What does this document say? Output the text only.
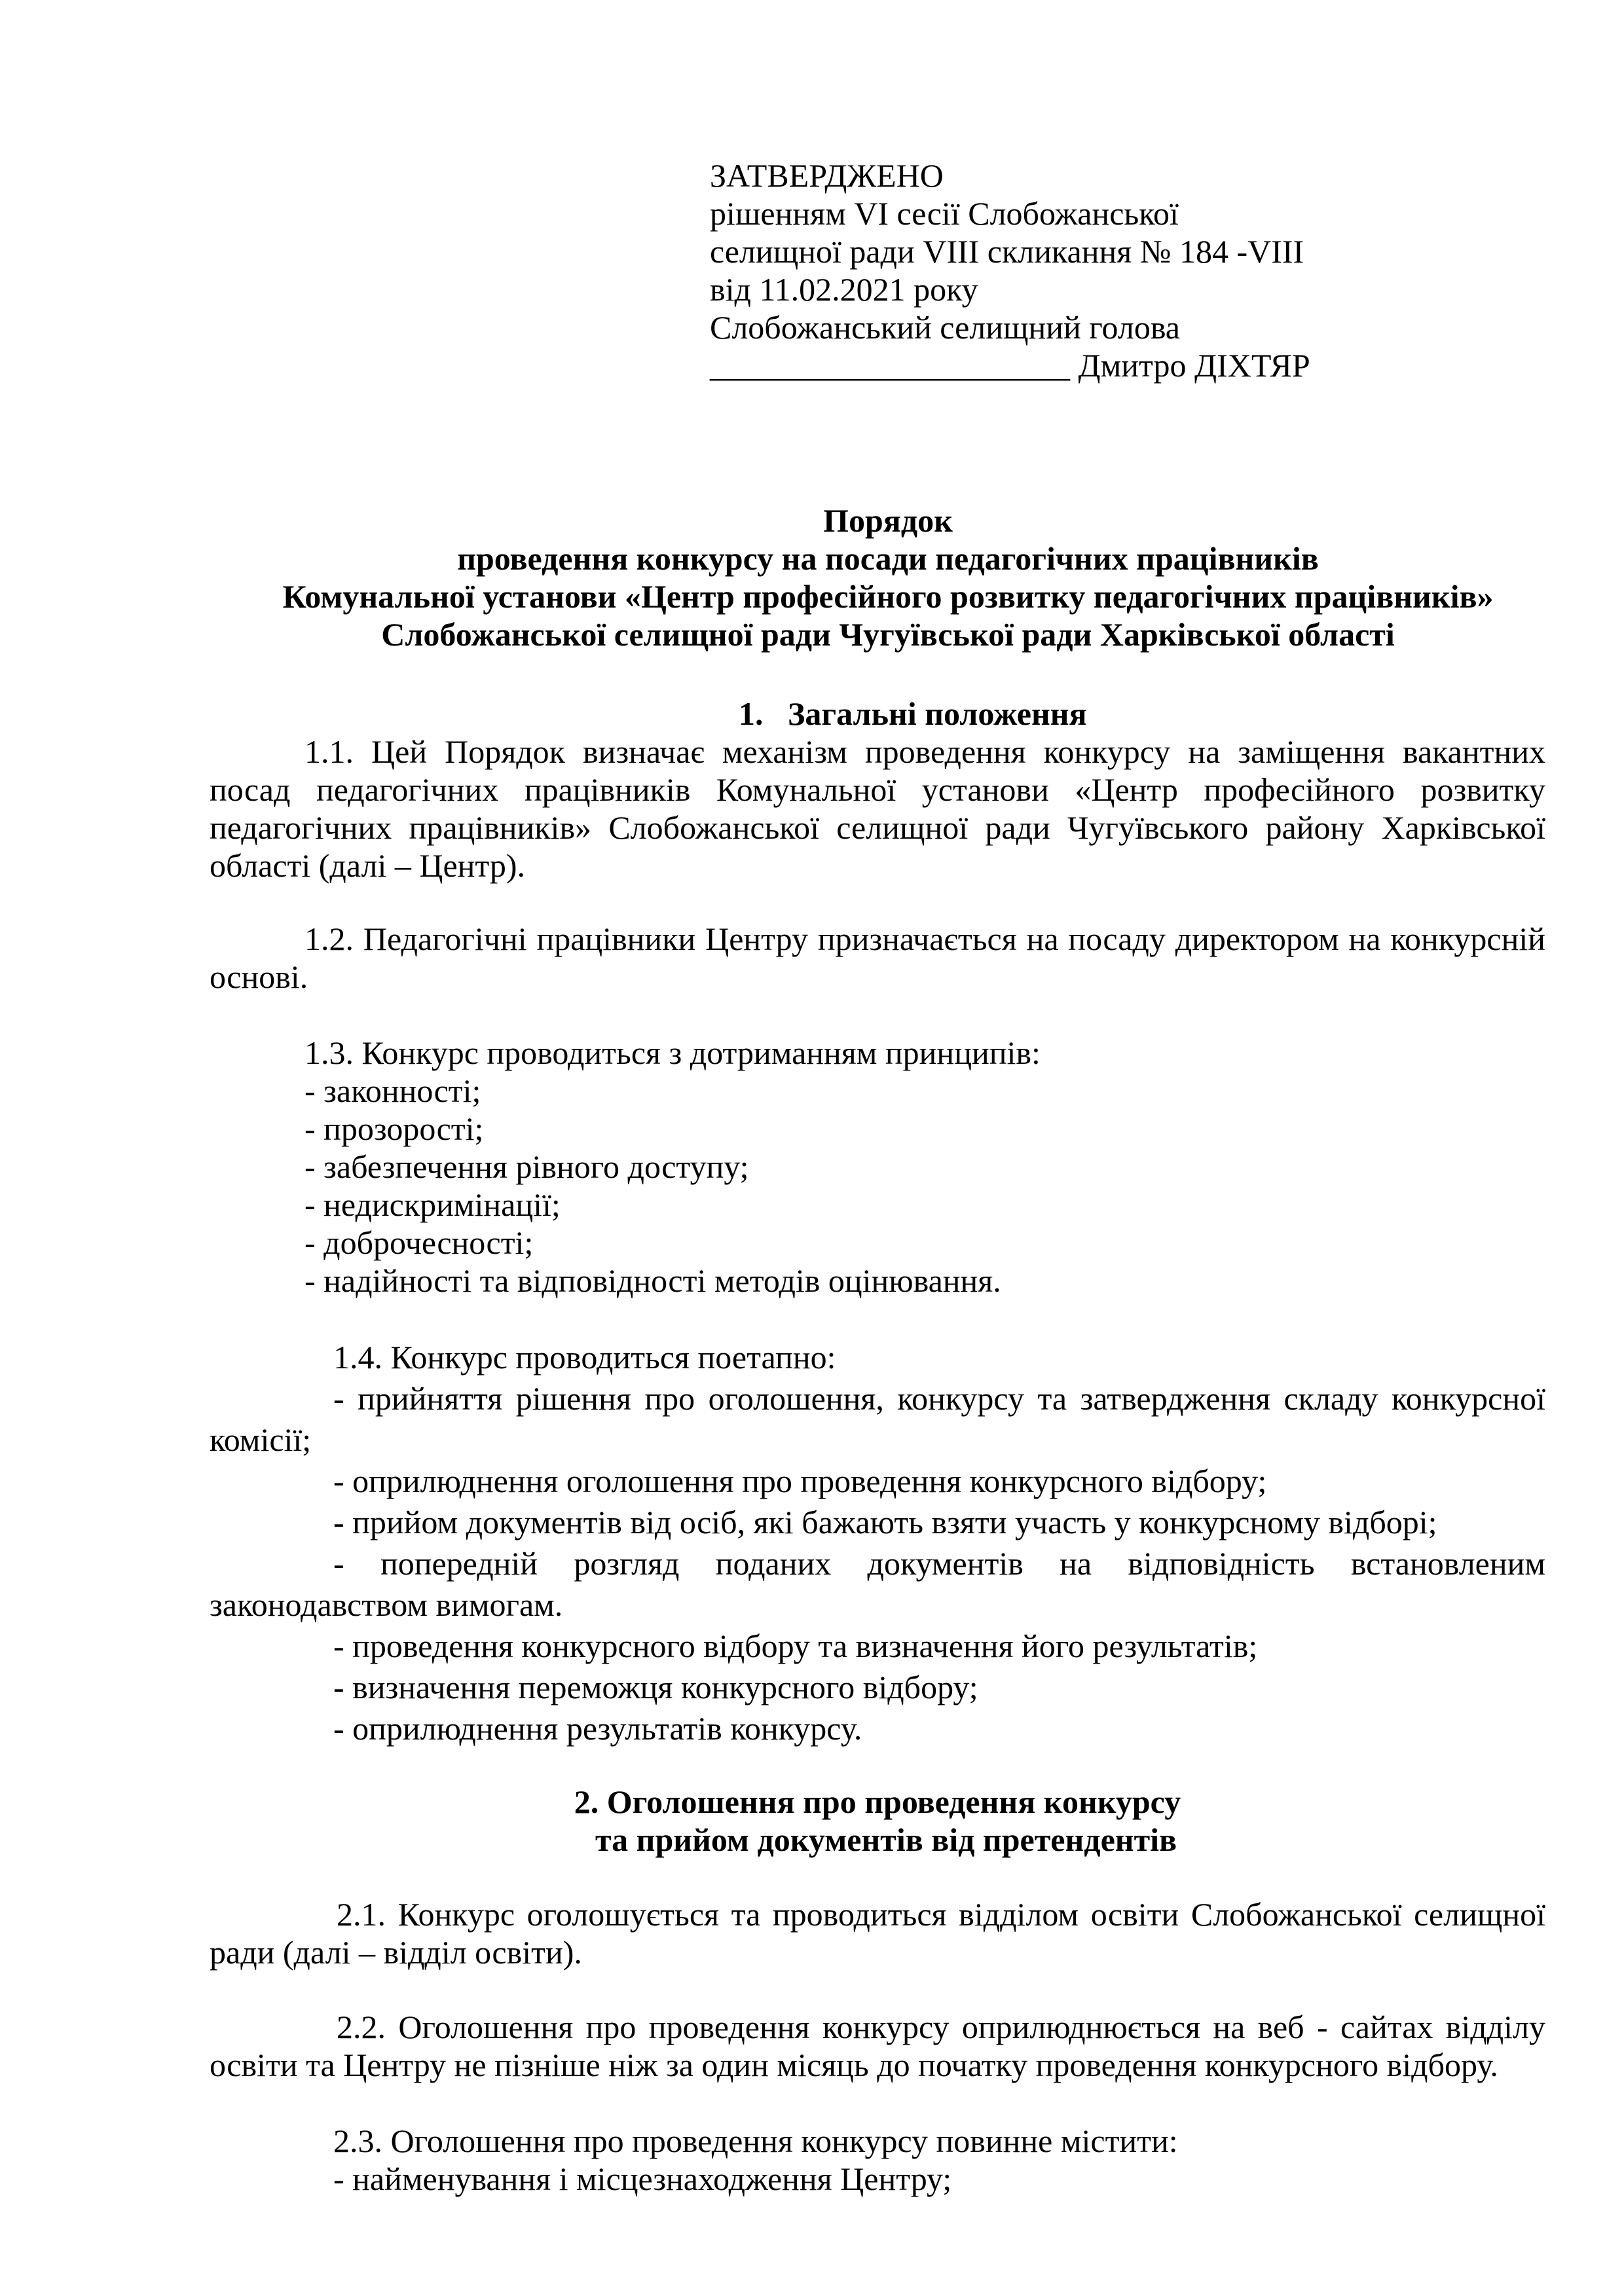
ЗАТВЕРДЖЕНО
рішенням VI сесії Слобожанської
селищної ради VIII скликання № 184 -VIII
від 11.02.2021 року
Слобожанський селищний голова
______________________ Дмитро ДІХТЯР
Порядок
проведення конкурсу на посади педагогічних працівників
Комунальної установи «Центр професійного розвитку педагогічних працівників»
Слобожанської селищної ради Чугуївської ради Харківської області
1.   Загальні положення

1.1. Цей Порядок визначає механізм проведення конкурсу на заміщення вакантних посад педагогічних працівників Комунальної установи «Центр професійного розвитку педагогічних працівників» Слобожанської селищної ради Чугуївського району Харківської області (далі – Центр).

1.2. Педагогічні працівники Центру призначається на посаду директором на конкурсній основі.

1.3. Конкурс проводиться з дотриманням принципів:

- законності;

- прозорості;

- забезпечення рівного доступу;

- недискримінації;

- доброчесності;

- надійності та відповідності методів оцінювання.

1.4. Конкурс проводиться поетапно:

- прийняття рішення про оголошення, конкурсу та затвердження складу конкурсної комісії;

- оприлюднення оголошення про проведення конкурсного відбору;

- прийом документів від осіб, які бажають взяти участь у конкурсному відборі;

- попередній розгляд поданих документів на відповідність встановленим законодавством вимогам.

- проведення конкурсного відбору та визначення його результатів;

- визначення переможця конкурсного відбору;

- оприлюднення результатів конкурсу.

2. Оголошення про проведення конкурсу
та прийом документів від претендентів

2.1. Конкурс оголошується та проводиться відділом освіти Слобожанської селищної ради (далі – відділ освіти).

2.2. Оголошення про проведення конкурсу оприлюднюється на веб - сайтах відділу освіти та Центру не пізніше ніж за один місяць до початку проведення конкурсного відбору.

2.3. Оголошення про проведення конкурсу повинне містити:

- найменування і місцезнаходження Центру;
